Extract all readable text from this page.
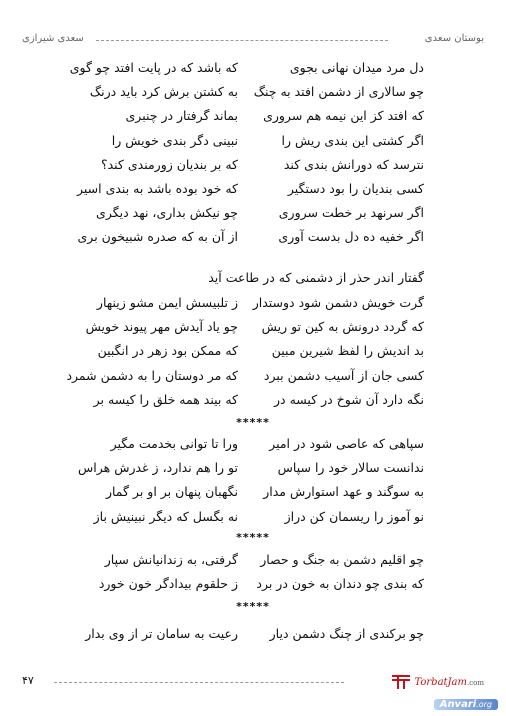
سعدی شیرازی	بوستان سعدی
دل مرد میدان نهانی بجوی
که باشد که در پایت افتد چو گوی
چو سالاری از دشمن افتد به چنگ
به کشتن برش کرد باید درنگ
که افتد کز این نیمه هم سروری
بماند گرفتار در چنبری
اگر کشتی این بندی ریش را
نبینی دگر بندی خویش را
نترسد که دورانش بندی کند
که بر بندیان زورمندی کند؟
کسی بندیان را بود دستگیر
که خود بوده باشد به بندی اسیر
اگر سرنهد بر خطت سروری
چو نیکش بداری، نهد دیگری
اگر خفیه ده دل بدست آوری
از آن به که صدره شبیخون بری
گفتار اندر حذر از دشمنی که در طاعت آید
گرت خویش دشمن شود دوستدار
ز تلبیسش ایمن مشو زینهار
که گردد درونش به کین تو ریش
چو یاد آیدش مهر پیوند خویش
بد اندیش را لفظ شیرین مبین
که ممکن بود زهر در انگبین
کسی جان از آسیب دشمن ببرد
که مر دوستان را به دشمن شمرد
نگه دارد آن شوخ در کیسه در
که بیند همه خلق را کیسه بر
*****
سپاهی که عاصی شود در امیر
ورا تا توانی بخدمت مگیر
ندانست سالار خود را سپاس
تو را هم ندارد، ز غدرش هراس
به سوگند و عهد استوارش مدار
نگهبان پنهان بر او بر گمار
نو آموز را ریسمان کن دراز
نه بگسل که دیگر نبینیش باز
*****
چو اقلیم دشمن به جنگ و حصار
گرفتی، به زندانیانش سپار
که بندی چو دندان به خون در برد
ز حلقوم بیدادگر خون خورد
*****
چو برکندی از چنگ دشمن دیار
رعیت به سامان تر از وی بدار
۴۷	TorbatJam.com
Anvari.org
